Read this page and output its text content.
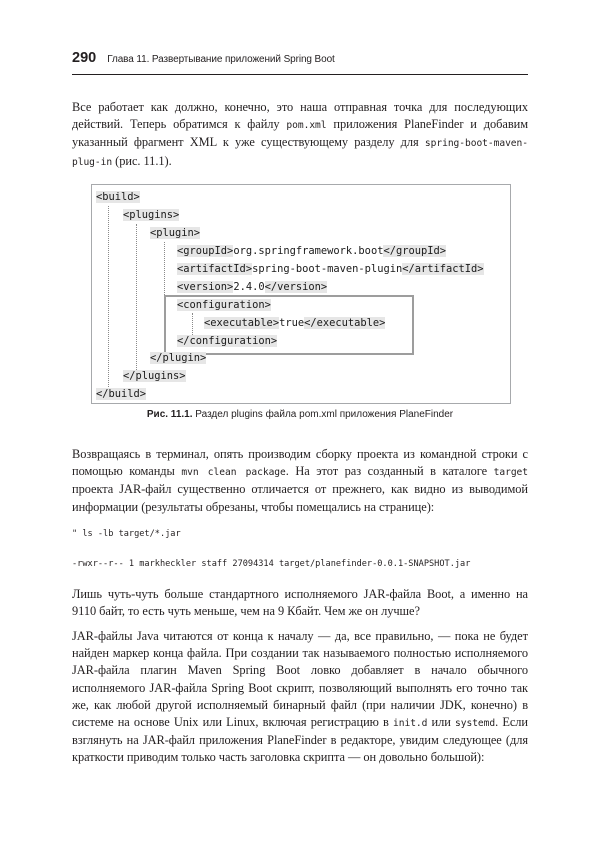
290 Глава 11. Развертывание приложений Spring Boot

Все работает как должно, конечно, это наша отправная точка для последующих действий. Теперь обратимся к файлу pom.xml приложения PlaneFinder и добавим указанный фрагмент XML к уже существующему разделу для spring-boot-maven-plug-in (рис. 11.1).

<build>
<plugins>
<plugin>
<groupId>org.springframework.boot</groupId>
<artifactId>spring-boot-maven-plugin</artifactId>
<version>2.4.0</version>
<configuration>
<executable>true</executable>
</configuration>
</plugin>
</plugins>
</build>
Рис. 11.1. Раздел plugins файла pom.xml приложения PlaneFinder

Возвращаясь в терминал, опять производим сборку проекта из командной строки с помощью команды mvn clean package. На этот раз созданный в каталоге target проекта JAR-файл существенно отличается от прежнего, как видно из выводимой информации (результаты обрезаны, чтобы помещались на странице):

" ls -lb target/*.jar
-rwxr--r-- 1 markheckler staff 27094314 target/planefinder-0.0.1-SNAPSHOT.jar

Лишь чуть-чуть больше стандартного исполняемого JAR-файла Boot, а именно на 9110 байт, то есть чуть меньше, чем на 9 Кбайт. Чем же он лучше?

JAR-файлы Java читаются от конца к началу — да, все правильно, — пока не будет найден маркер конца файла. При создании так называемого полностью исполняемого JAR-файла плагин Maven Spring Boot ловко добавляет в начало обычного исполняемого JAR-файла Spring Boot скрипт, позволяющий выполнять его точно так же, как любой другой исполняемый бинарный файл (при наличии JDK, конечно) в системе на основе Unix или Linux, включая регистрацию в init.d или systemd. Если взглянуть на JAR-файл приложения PlaneFinder в редакторе, увидим следующее (для краткости приводим только часть заголовка скрипта — он довольно большой):
